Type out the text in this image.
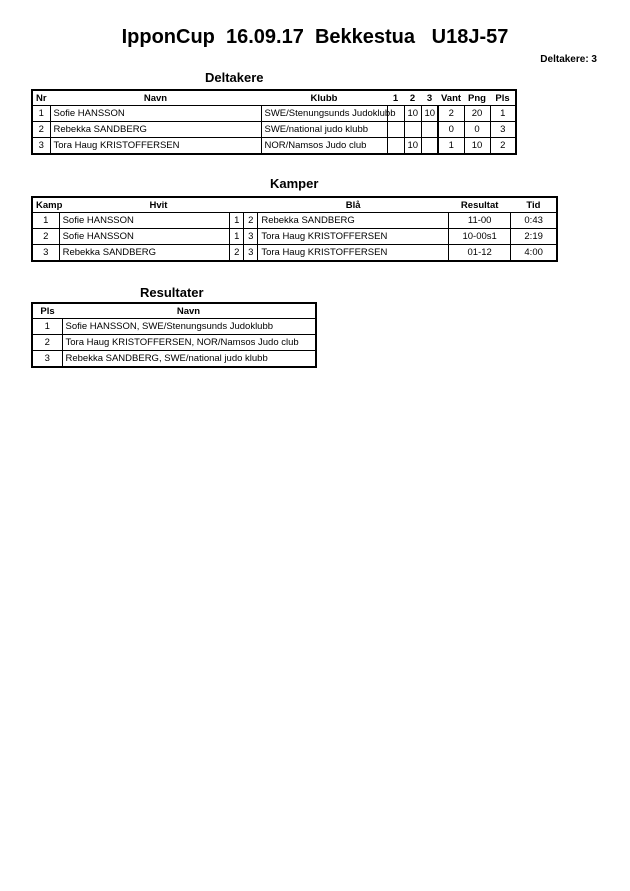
IpponCup  16.09.17  Bekkestua   U18J-57
Deltakere: 3
Deltakere
Nr	Navn	Klubb	1	2	3	Vant	Png	Pls
1	Sofie HANSSON	SWE/Stenungsunds Judoklubb		10	10	2	20	1
2	Rebekka SANDBERG	SWE/national judo klubb				0	0	3
3	Tora Haug KRISTOFFERSEN	NOR/Namsos Judo club		10		1	10	2
Kamper
Kamp	Hvit			Blå	Resultat	Tid
1	Sofie HANSSON	1	2	Rebekka SANDBERG	11-00	0:43
2	Sofie HANSSON	1	3	Tora Haug KRISTOFFERSEN	10-00s1	2:19
3	Rebekka SANDBERG	2	3	Tora Haug KRISTOFFERSEN	01-12	4:00
Resultater
Pls	Navn
1	Sofie HANSSON, SWE/Stenungsunds Judoklubb
2	Tora Haug KRISTOFFERSEN, NOR/Namsos Judo club
3	Rebekka SANDBERG, SWE/national judo klubb
